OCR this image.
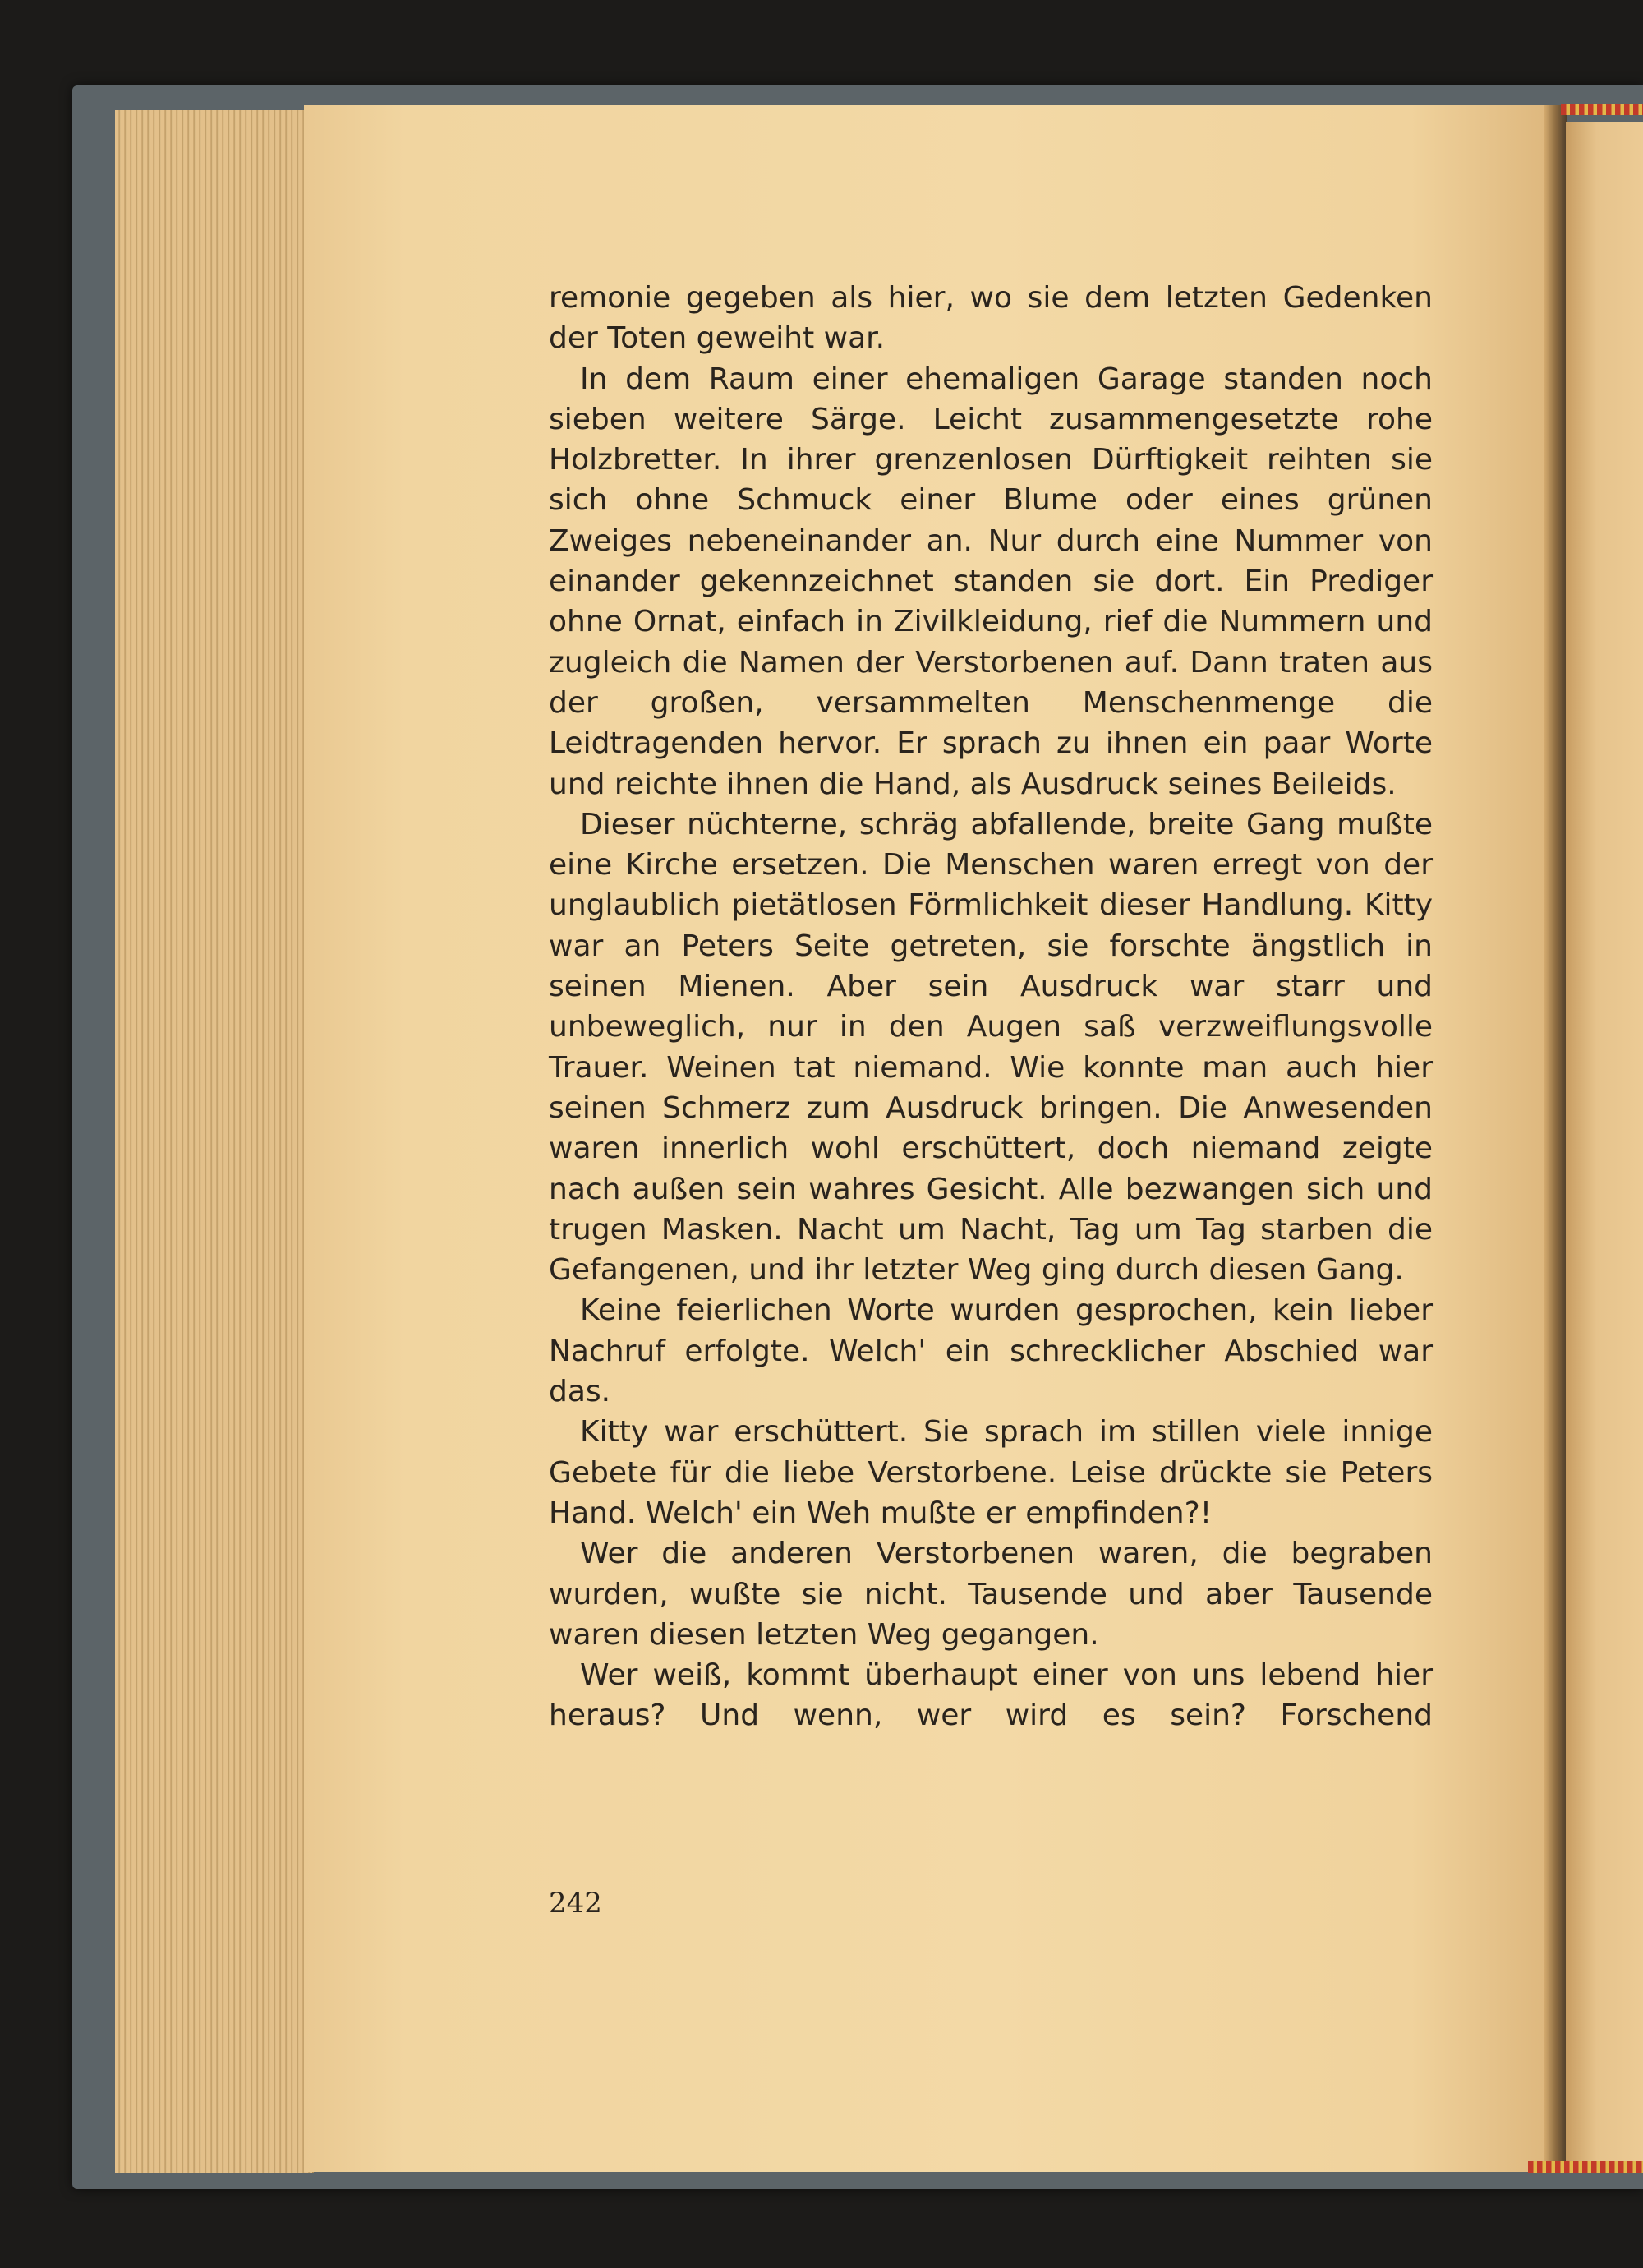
remonie gegeben als hier, wo sie dem letzten Gedenken der Toten geweiht war.

In dem Raum einer ehemaligen Garage standen noch sieben weitere Särge. Leicht zusammengesetzte rohe Holzbretter. In ihrer grenzenlosen Dürftigkeit reihten sie sich ohne Schmuck einer Blume oder eines grünen Zweiges nebeneinander an. Nur durch eine Nummer von einander gekennzeichnet standen sie dort. Ein Prediger ohne Ornat, einfach in Zivilkleidung, rief die Nummern und zugleich die Namen der Verstorbenen auf. Dann traten aus der großen, versammelten Menschenmenge die Leidtragenden hervor. Er sprach zu ihnen ein paar Worte und reichte ihnen die Hand, als Ausdruck seines Beileids.

Dieser nüchterne, schräg abfallende, breite Gang mußte eine Kirche ersetzen. Die Menschen waren erregt von der unglaublich pietätlosen Förmlichkeit dieser Handlung. Kitty war an Peters Seite getreten, sie forschte ängstlich in seinen Mienen. Aber sein Ausdruck war starr und unbeweglich, nur in den Augen saß verzweiflungsvolle Trauer. Weinen tat niemand. Wie konnte man auch hier seinen Schmerz zum Ausdruck bringen. Die Anwesenden waren innerlich wohl erschüttert, doch niemand zeigte nach außen sein wahres Gesicht. Alle bezwangen sich und trugen Masken. Nacht um Nacht, Tag um Tag starben die Gefangenen, und ihr letzter Weg ging durch diesen Gang.

Keine feierlichen Worte wurden gesprochen, kein lieber Nachruf erfolgte. Welch' ein schrecklicher Abschied war das.

Kitty war erschüttert. Sie sprach im stillen viele innige Gebete für die liebe Verstorbene. Leise drückte sie Peters Hand. Welch' ein Weh mußte er empfinden?!

Wer die anderen Verstorbenen waren, die begraben wurden, wußte sie nicht. Tausende und aber Tausende waren diesen letzten Weg gegangen.

Wer weiß, kommt überhaupt einer von uns lebend hier heraus? Und wenn, wer wird es sein? Forschend

242
